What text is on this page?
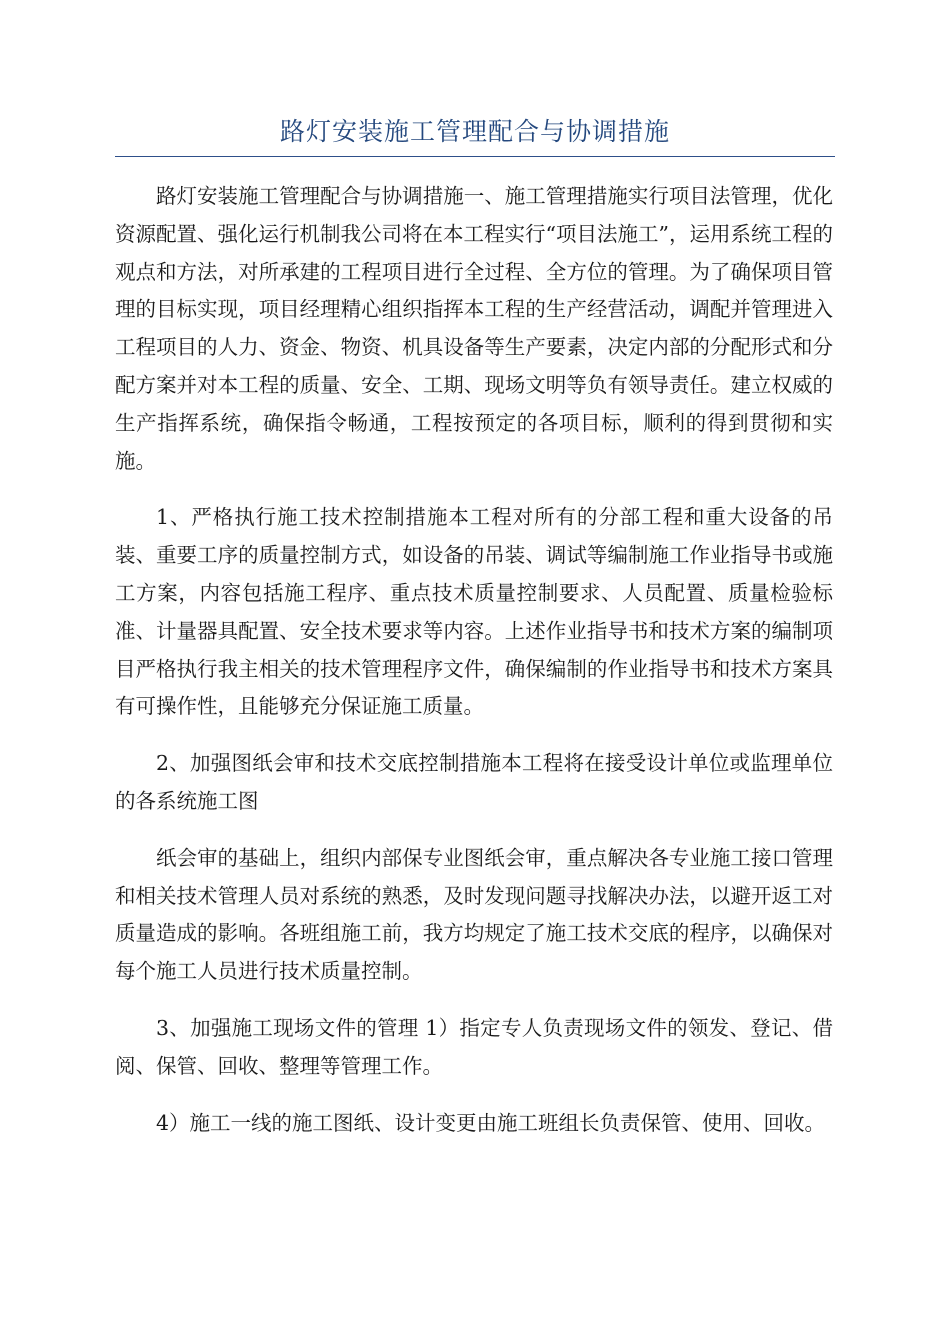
路灯安装施工管理配合与协调措施

路灯安装施工管理配合与协调措施一、施工管理措施实行项目法管理，优化资源配置、强化运行机制我公司将在本工程实行“项目法施工”，运用系统工程的观点和方法，对所承建的工程项目进行全过程、全方位的管理。为了确保项目管理的目标实现，项目经理精心组织指挥本工程的生产经营活动，调配并管理进入工程项目的人力、资金、物资、机具设备等生产要素，决定内部的分配形式和分配方案并对本工程的质量、安全、工期、现场文明等负有领导责任。建立权威的生产指挥系统，确保指令畅通，工程按预定的各项目标，顺利的得到贯彻和实施。

1、严格执行施工技术控制措施本工程对所有的分部工程和重大设备的吊装、重要工序的质量控制方式，如设备的吊装、调试等编制施工作业指导书或施工方案，内容包括施工程序、重点技术质量控制要求、人员配置、质量检验标准、计量器具配置、安全技术要求等内容。上述作业指导书和技术方案的编制项目严格执行我主相关的技术管理程序文件，确保编制的作业指导书和技术方案具有可操作性，且能够充分保证施工质量。

2、加强图纸会审和技术交底控制措施本工程将在接受设计单位或监理单位的各系统施工图

纸会审的基础上，组织内部保专业图纸会审，重点解决各专业施工接口管理和相关技术管理人员对系统的熟悉，及时发现问题寻找解决办法，以避开返工对质量造成的影响。各班组施工前，我方均规定了施工技术交底的程序，以确保对每个施工人员进行技术质量控制。

3、加强施工现场文件的管理 1）指定专人负责现场文件的领发、登记、借阅、保管、回收、整理等管理工作。

4）施工一线的施工图纸、设计变更由施工班组长负责保管、使用、回收。
